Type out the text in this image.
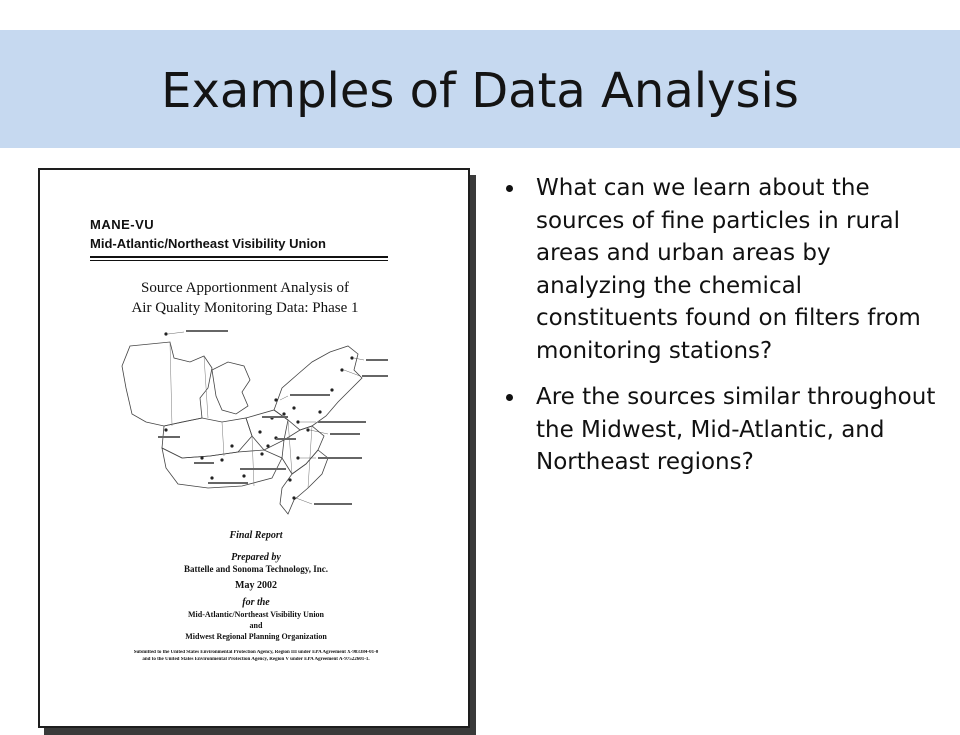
Examples of Data Analysis
MANE-VU
Mid-Atlantic/Northeast Visibility Union
Source Apportionment Analysis of
Air Quality Monitoring Data: Phase 1
Final Report
Prepared by
Battelle and Sonoma Technology, Inc.
May 2002
for the
Mid-Atlantic/Northeast Visibility Union
and
Midwest Regional Planning Organization
Submitted to the United States Environmental Protection Agency, Region III under EPA Agreement X-983384-01-0
and to the United States Environmental Protection Agency, Region V under EPA Agreement A-97522601-1.
What can we learn about the sources of fine particles in rural areas and urban areas by analyzing the chemical constituents found on filters from monitoring stations?
Are the sources similar throughout the Midwest, Mid-Atlantic, and Northeast regions?
